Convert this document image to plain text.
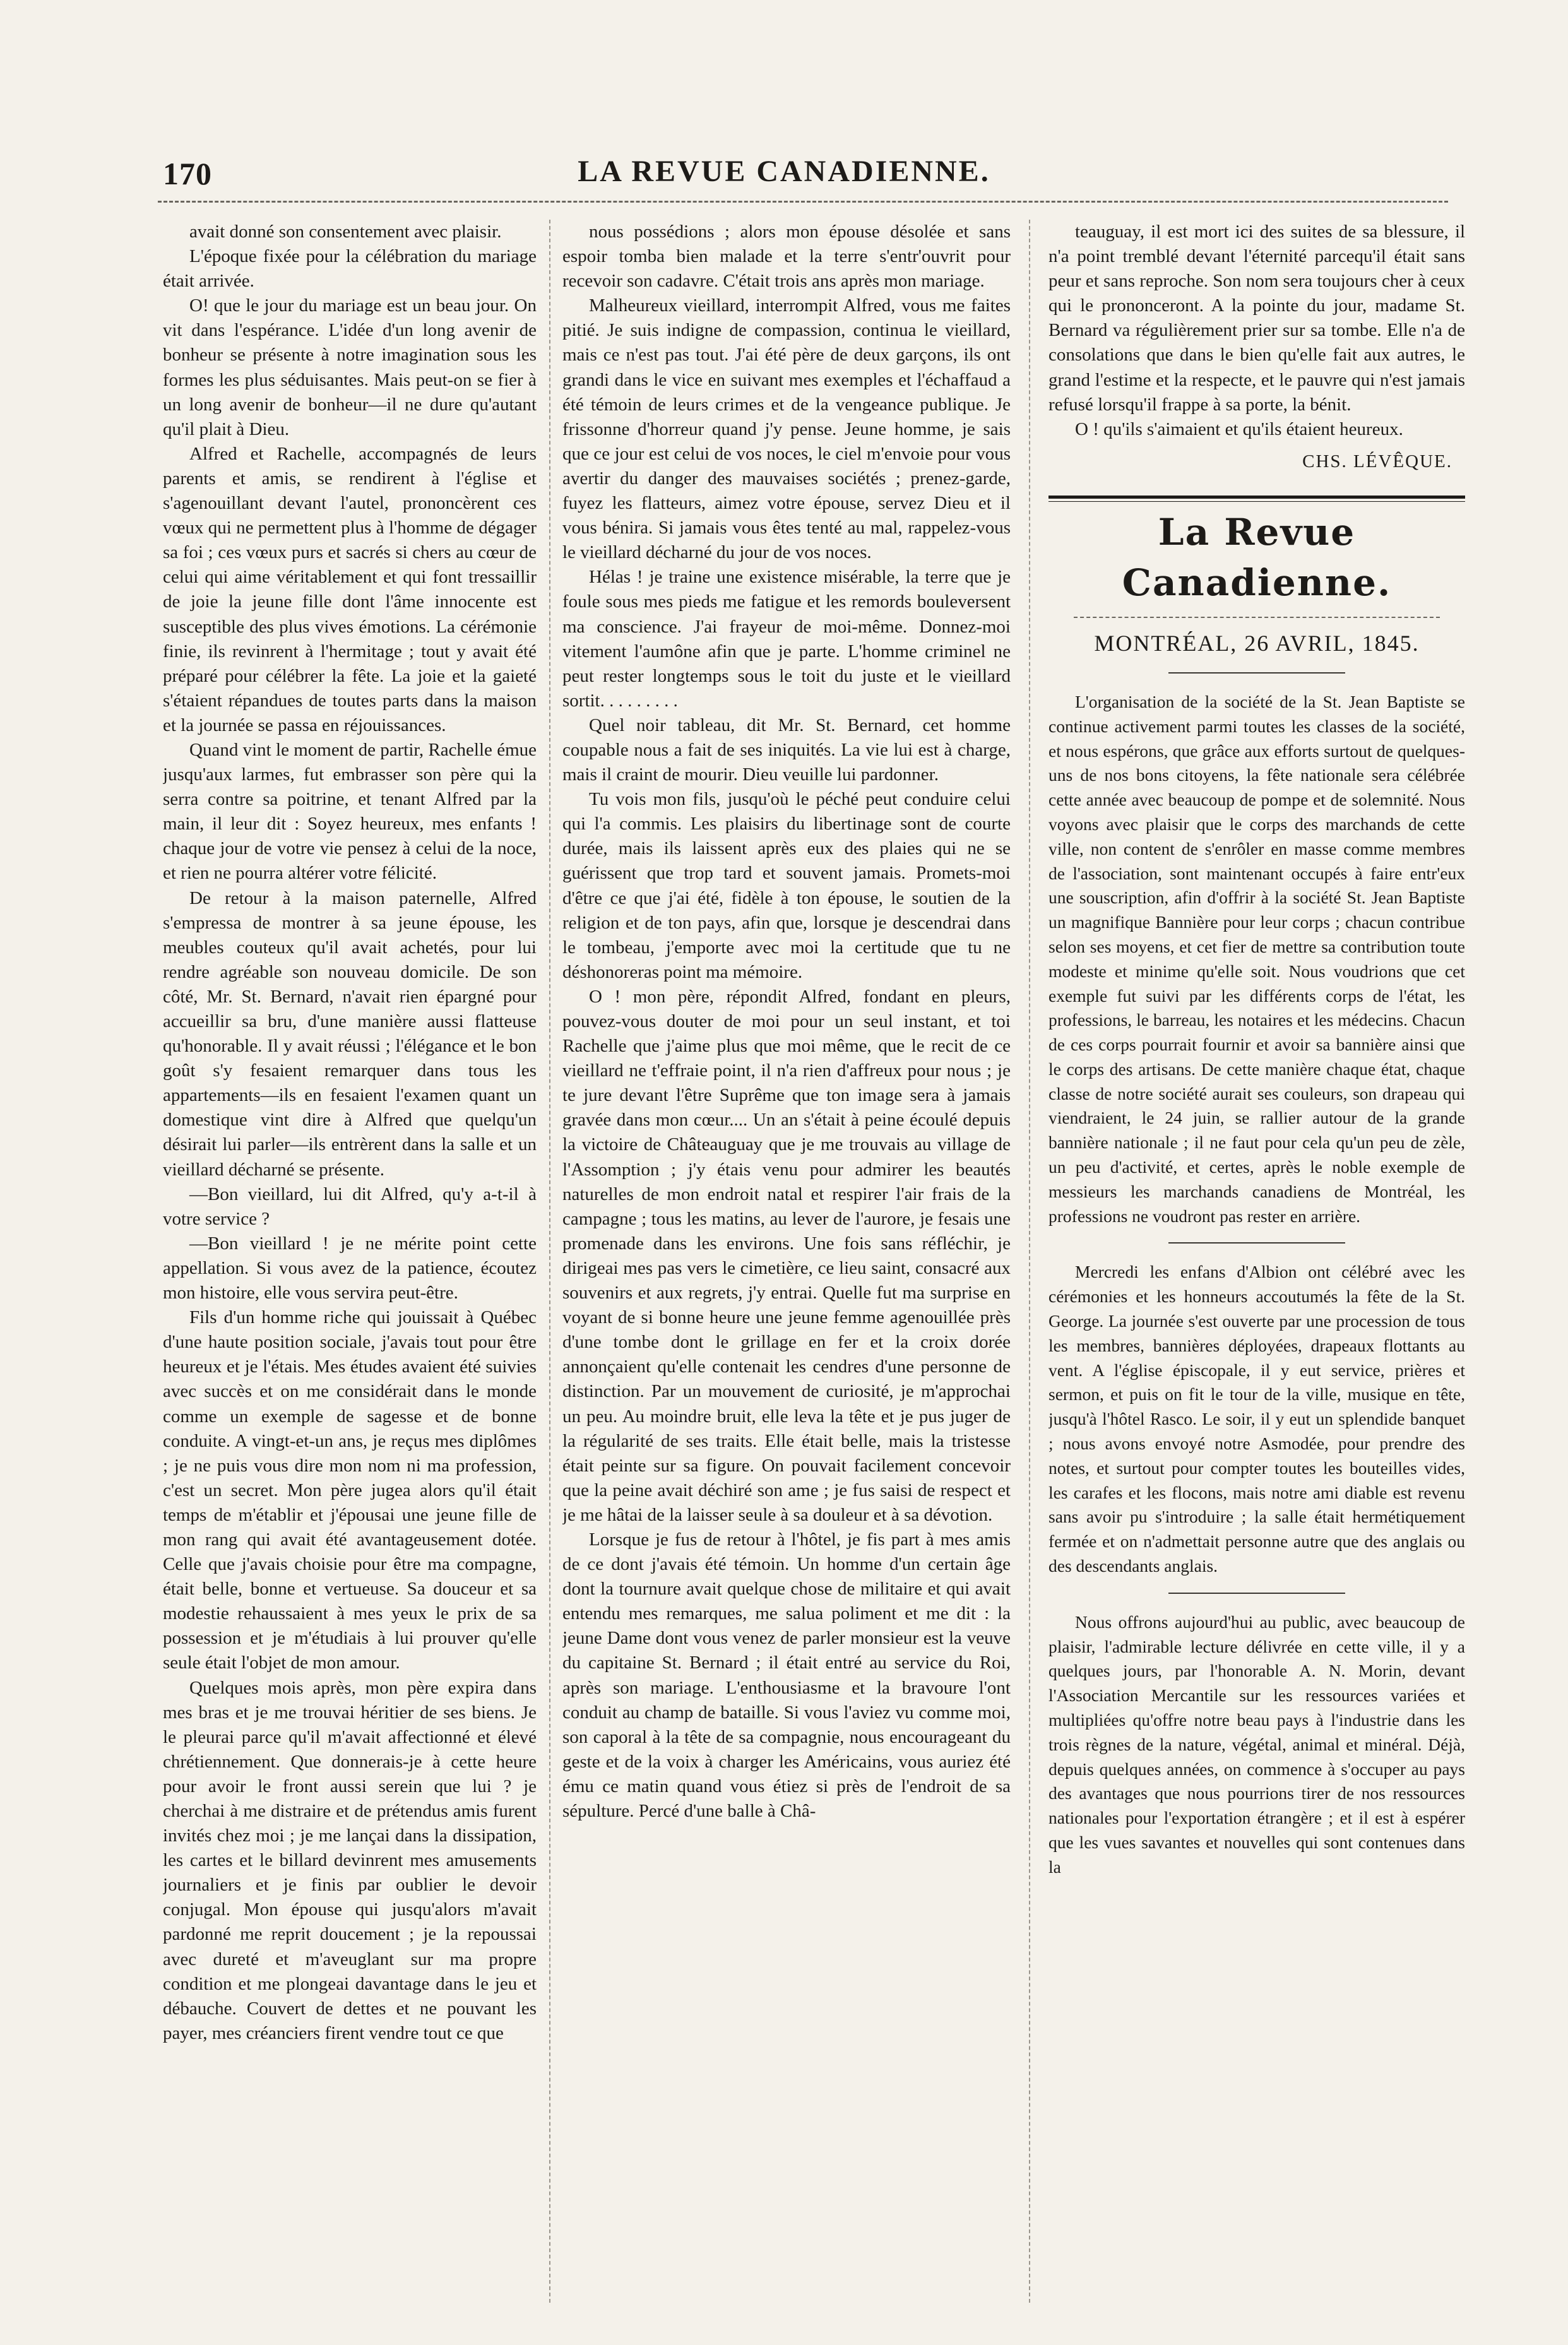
170	LA REVUE CANADIENNE.

avait donné son consentement avec plaisir.

L'époque fixée pour la célébration du mariage était arrivée.

O! que le jour du mariage est un beau jour. On vit dans l'espérance. L'idée d'un long avenir de bonheur se présente à notre imagination sous les formes les plus séduisantes. Mais peut-on se fier à un long avenir de bonheur—il ne dure qu'autant qu'il plait à Dieu.

Alfred et Rachelle, accompagnés de leurs parents et amis, se rendirent à l'église et s'agenouillant devant l'autel, prononcèrent ces vœux qui ne permettent plus à l'homme de dégager sa foi ; ces vœux purs et sacrés si chers au cœur de celui qui aime véritablement et qui font tressaillir de joie la jeune fille dont l'âme innocente est susceptible des plus vives émotions. La cérémonie finie, ils revinrent à l'hermitage ; tout y avait été préparé pour célébrer la fête. La joie et la gaieté s'étaient répandues de toutes parts dans la maison et la journée se passa en réjouissances.

Quand vint le moment de partir, Rachelle émue jusqu'aux larmes, fut embrasser son père qui la serra contre sa poitrine, et tenant Alfred par la main, il leur dit : Soyez heureux, mes enfants ! chaque jour de votre vie pensez à celui de la noce, et rien ne pourra altérer votre félicité.

De retour à la maison paternelle, Alfred s'empressa de montrer à sa jeune épouse, les meubles couteux qu'il avait achetés, pour lui rendre agréable son nouveau domicile. De son côté, Mr. St. Bernard, n'avait rien épargné pour accueillir sa bru, d'une manière aussi flatteuse qu'honorable. Il y avait réussi ; l'élégance et le bon goût s'y fesaient remarquer dans tous les appartements—ils en fesaient l'examen quant un domestique vint dire à Alfred que quelqu'un désirait lui parler—ils entrèrent dans la salle et un vieillard décharné se présente.

—Bon vieillard, lui dit Alfred, qu'y a-t-il à votre service ?

—Bon vieillard ! je ne mérite point cette appellation. Si vous avez de la patience, écoutez mon histoire, elle vous servira peut-être.

Fils d'un homme riche qui jouissait à Québec d'une haute position sociale, j'avais tout pour être heureux et je l'étais. Mes études avaient été suivies avec succès et on me considérait dans le monde comme un exemple de sagesse et de bonne conduite. A vingt-et-un ans, je reçus mes diplômes ; je ne puis vous dire mon nom ni ma profession, c'est un secret. Mon père jugea alors qu'il était temps de m'établir et j'épousai une jeune fille de mon rang qui avait été avantageusement dotée. Celle que j'avais choisie pour être ma compagne, était belle, bonne et vertueuse. Sa douceur et sa modestie rehaussaient à mes yeux le prix de sa possession et je m'étudiais à lui prouver qu'elle seule était l'objet de mon amour.

Quelques mois après, mon père expira dans mes bras et je me trouvai héritier de ses biens. Je le pleurai parce qu'il m'avait affectionné et élevé chrétiennement. Que donnerais-je à cette heure pour avoir le front aussi serein que lui ? je cherchai à me distraire et de prétendus amis furent invités chez moi ; je me lançai dans la dissipation, les cartes et le billard devinrent mes amusements journaliers et je finis par oublier le devoir conjugal. Mon épouse qui jusqu'alors m'avait pardonné me reprit doucement ; je la repoussai avec dureté et m'aveuglant sur ma propre condition et me plongeai davantage dans le jeu et débauche. Couvert de dettes et ne pouvant les payer, mes créanciers firent vendre tout ce que

nous possédions ; alors mon épouse désolée et sans espoir tomba bien malade et la terre s'entr'ouvrit pour recevoir son cadavre. C'était trois ans après mon mariage.

Malheureux vieillard, interrompit Alfred, vous me faites pitié. Je suis indigne de compassion, continua le vieillard, mais ce n'est pas tout. J'ai été père de deux garçons, ils ont grandi dans le vice en suivant mes exemples et l'échaffaud a été témoin de leurs crimes et de la vengeance publique. Je frissonne d'horreur quand j'y pense. Jeune homme, je sais que ce jour est celui de vos noces, le ciel m'envoie pour vous avertir du danger des mauvaises sociétés ; prenez-garde, fuyez les flatteurs, aimez votre épouse, servez Dieu et il vous bénira. Si jamais vous êtes tenté au mal, rappelez-vous le vieillard décharné du jour de vos noces.

Hélas ! je traine une existence misérable, la terre que je foule sous mes pieds me fatigue et les remords bouleversent ma conscience. J'ai frayeur de moi-même. Donnez-moi vitement l'aumône afin que je parte. L'homme criminel ne peut rester longtemps sous le toit du juste et le vieillard sortit. . . . . . . . .

Quel noir tableau, dit Mr. St. Bernard, cet homme coupable nous a fait de ses iniquités. La vie lui est à charge, mais il craint de mourir. Dieu veuille lui pardonner.

Tu vois mon fils, jusqu'où le péché peut conduire celui qui l'a commis. Les plaisirs du libertinage sont de courte durée, mais ils laissent après eux des plaies qui ne se guérissent que trop tard et souvent jamais. Promets-moi d'être ce que j'ai été, fidèle à ton épouse, le soutien de la religion et de ton pays, afin que, lorsque je descendrai dans le tombeau, j'emporte avec moi la certitude que tu ne déshonoreras point ma mémoire.

O ! mon père, répondit Alfred, fondant en pleurs, pouvez-vous douter de moi pour un seul instant, et toi Rachelle que j'aime plus que moi même, que le recit de ce vieillard ne t'effraie point, il n'a rien d'affreux pour nous ; je te jure devant l'être Suprême que ton image sera à jamais gravée dans mon cœur.... Un an s'était à peine écoulé depuis la victoire de Châteauguay que je me trouvais au village de l'Assomption ; j'y étais venu pour admirer les beautés naturelles de mon endroit natal et respirer l'air frais de la campagne ; tous les matins, au lever de l'aurore, je fesais une promenade dans les environs. Une fois sans réfléchir, je dirigeai mes pas vers le cimetière, ce lieu saint, consacré aux souvenirs et aux regrets, j'y entrai. Quelle fut ma surprise en voyant de si bonne heure une jeune femme agenouillée près d'une tombe dont le grillage en fer et la croix dorée annonçaient qu'elle contenait les cendres d'une personne de distinction. Par un mouvement de curiosité, je m'approchai un peu. Au moindre bruit, elle leva la tête et je pus juger de la régularité de ses traits. Elle était belle, mais la tristesse était peinte sur sa figure. On pouvait facilement concevoir que la peine avait déchiré son ame ; je fus saisi de respect et je me hâtai de la laisser seule à sa douleur et à sa dévotion.

Lorsque je fus de retour à l'hôtel, je fis part à mes amis de ce dont j'avais été témoin. Un homme d'un certain âge dont la tournure avait quelque chose de militaire et qui avait entendu mes remarques, me salua poliment et me dit : la jeune Dame dont vous venez de parler monsieur est la veuve du capitaine St. Bernard ; il était entré au service du Roi, après son mariage. L'enthousiasme et la bravoure l'ont conduit au champ de bataille. Si vous l'aviez vu comme moi, son caporal à la tête de sa compagnie, nous encourageant du geste et de la voix à charger les Américains, vous auriez été ému ce matin quand vous étiez si près de l'endroit de sa sépulture. Percé d'une balle à Châ-

teauguay, il est mort ici des suites de sa blessure, il n'a point tremblé devant l'éternité parcequ'il était sans peur et sans reproche. Son nom sera toujours cher à ceux qui le prononceront. A la pointe du jour, madame St. Bernard va régulièrement prier sur sa tombe. Elle n'a de consolations que dans le bien qu'elle fait aux autres, le grand l'estime et la respecte, et le pauvre qui n'est jamais refusé lorsqu'il frappe à sa porte, la bénit.

O ! qu'ils s'aimaient et qu'ils étaient heureux.

CHS. LÉVÊQUE.

La Revue Canadienne.
MONTRÉAL, 26 AVRIL, 1845.

L'organisation de la société de la St. Jean Baptiste se continue activement parmi toutes les classes de la société, et nous espérons, que grâce aux efforts surtout de quelques-uns de nos bons citoyens, la fête nationale sera célébrée cette année avec beaucoup de pompe et de solemnité. Nous voyons avec plaisir que le corps des marchands de cette ville, non content de s'enrôler en masse comme membres de l'association, sont maintenant occupés à faire entr'eux une souscription, afin d'offrir à la société St. Jean Baptiste un magnifique Bannière pour leur corps ; chacun contribue selon ses moyens, et cet fier de mettre sa contribution toute modeste et minime qu'elle soit. Nous voudrions que cet exemple fut suivi par les différents corps de l'état, les professions, le barreau, les notaires et les médecins. Chacun de ces corps pourrait fournir et avoir sa bannière ainsi que le corps des artisans. De cette manière chaque état, chaque classe de notre société aurait ses couleurs, son drapeau qui viendraient, le 24 juin, se rallier autour de la grande bannière nationale ; il ne faut pour cela qu'un peu de zèle, un peu d'activité, et certes, après le noble exemple de messieurs les marchands canadiens de Montréal, les professions ne voudront pas rester en arrière.

Mercredi les enfans d'Albion ont célébré avec les cérémonies et les honneurs accoutumés la fête de la St. George. La journée s'est ouverte par une procession de tous les membres, bannières déployées, drapeaux flottants au vent. A l'église épiscopale, il y eut service, prières et sermon, et puis on fit le tour de la ville, musique en tête, jusqu'à l'hôtel Rasco. Le soir, il y eut un splendide banquet ; nous avons envoyé notre Asmodée, pour prendre des notes, et surtout pour compter toutes les bouteilles vides, les carafes et les flocons, mais notre ami diable est revenu sans avoir pu s'introduire ; la salle était hermétiquement fermée et on n'admettait personne autre que des anglais ou des descendants anglais.

Nous offrons aujourd'hui au public, avec beaucoup de plaisir, l'admirable lecture délivrée en cette ville, il y a quelques jours, par l'honorable A. N. Morin, devant l'Association Mercantile sur les ressources variées et multipliées qu'offre notre beau pays à l'industrie dans les trois règnes de la nature, végétal, animal et minéral. Déjà, depuis quelques années, on commence à s'occuper au pays des avantages que nous pourrions tirer de nos ressources nationales pour l'exportation étrangère ; et il est à espérer que les vues savantes et nouvelles qui sont contenues dans la
